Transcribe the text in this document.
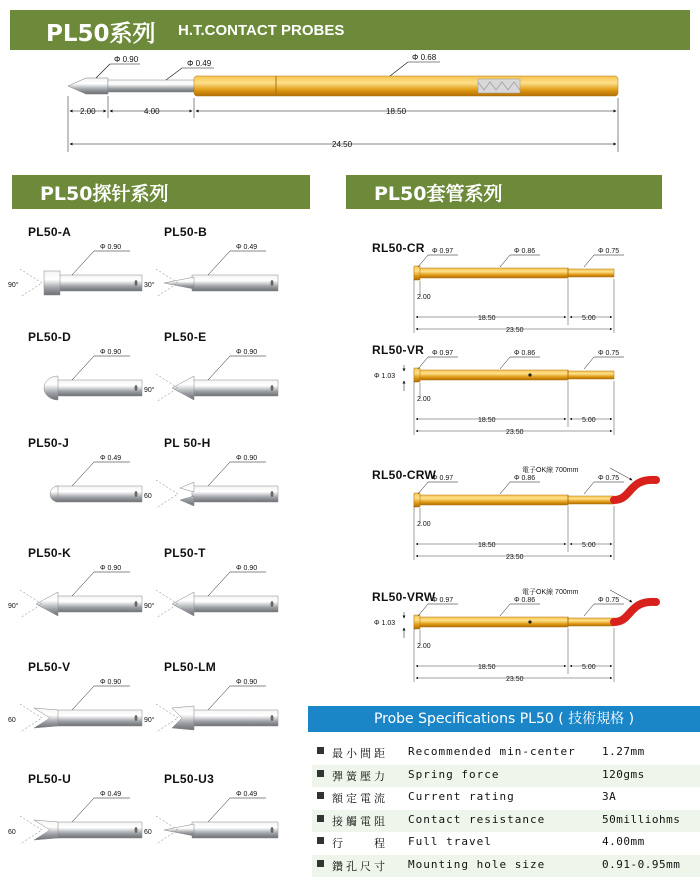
PL50系列 H.T.CONTACT PROBES
Φ 0.90	Φ 0.49
Φ 0.68
2.00	4.00	18.50
24.50
PL50探针系列	PL50套管系列
PL50-A
90°
Φ 0.90
PL50-B
30°
Φ 0.49
PL50-D
Φ 0.90
PL50-E
90°
Φ 0.90
PL50-J
Φ 0.49
PL 50-H
60
Φ 0.90
PL50-K
90°
Φ 0.90
PL50-T
90°
Φ 0.90
PL50-V
60
Φ 0.90
PL50-LM
90°
Φ 0.90
PL50-U
60
Φ 0.49
PL50-U3
60
Φ 0.49
RL50-CR Φ 0.97	Φ 0.86	Φ 0.75
2.00
18.50	5.00
23.50
RL50-VR Φ 0.97	Φ 0.86	Φ 0.75
Φ 1.03
2.00
18.50	5.00
23.50
RL50-CRW	電子OK線 700mm
Φ 0.97	Φ 0.86	Φ 0.75
2.00
18.50	5.00
23.50
RL50-VRW	電子OK線 700mm
Φ 0.97	Φ 0.86	Φ 0.75
Φ 1.03
2.00
18.50	5.00
23.50
Probe Specifications PL50 ( 技術規格 )
最小間距 Recommended min-center 1.27mm
彈簧壓力 Spring force	120gms
額定電流 Current rating	3A
接觸電阻 Contact resistance	50milliohms
行　　程 Full travel	4.00mm
鑽孔尺寸 Mounting hole size	0.91-0.95mm
